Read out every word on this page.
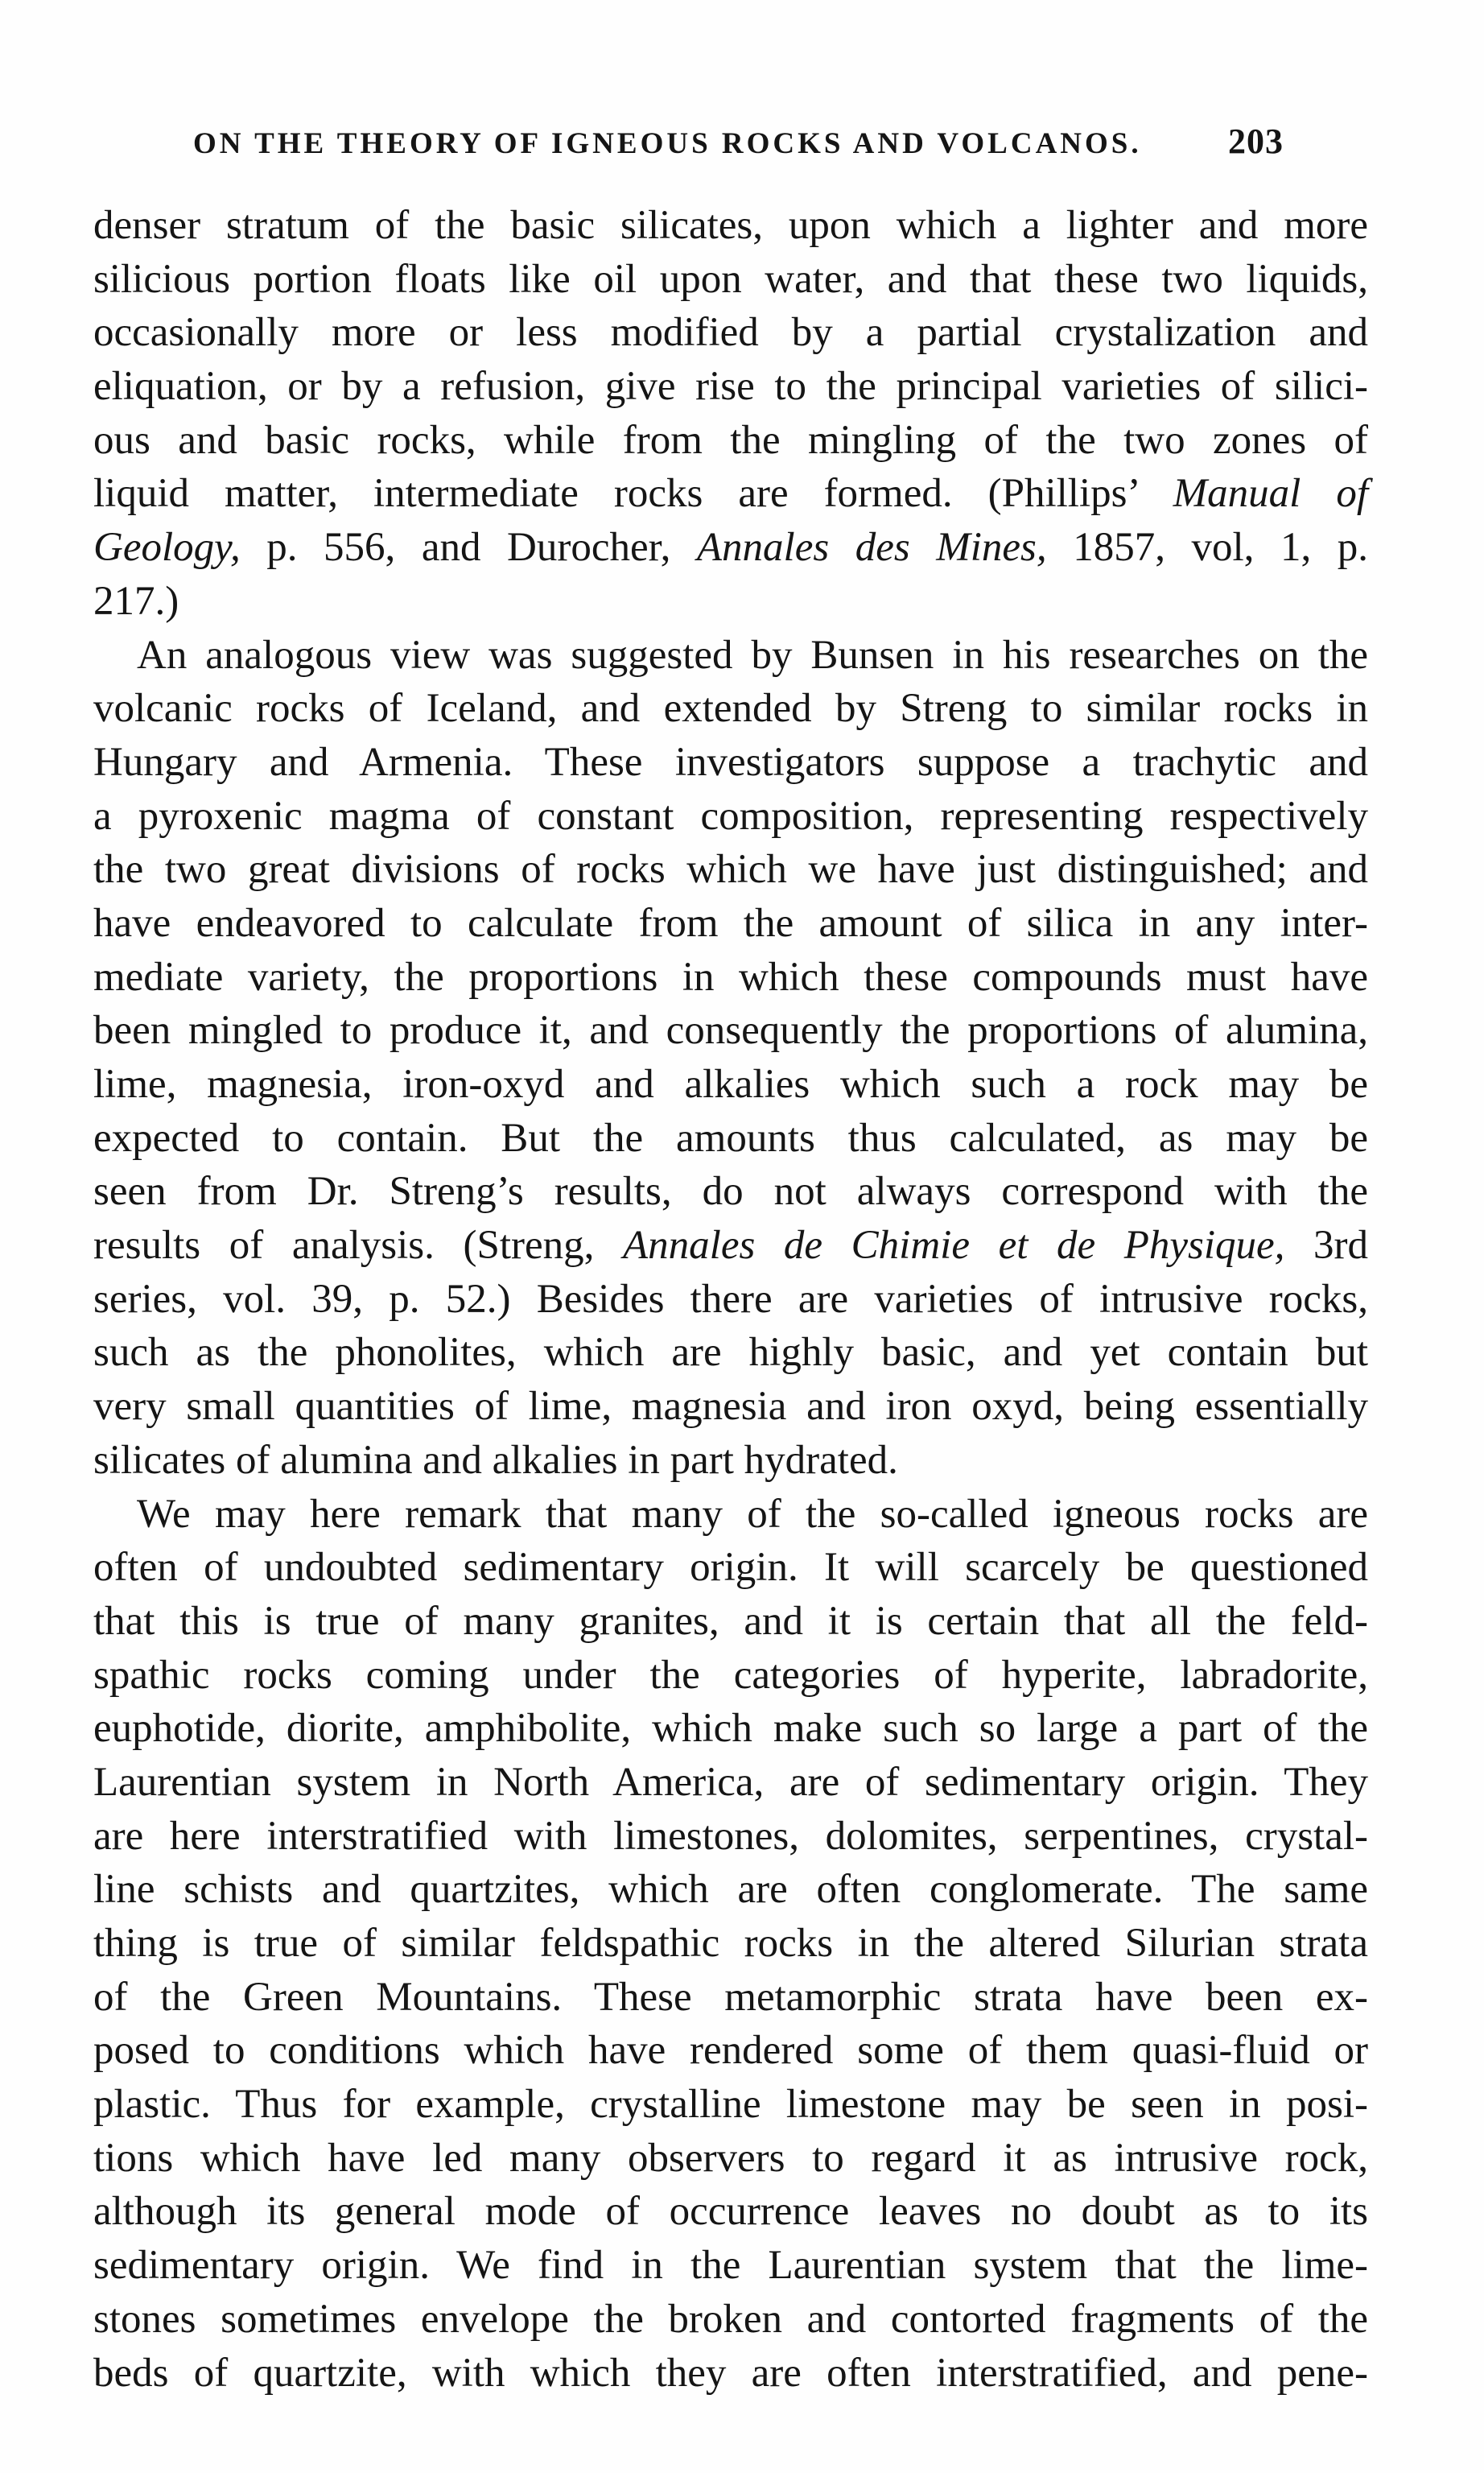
ON THE THEORY OF IGNEOUS ROCKS AND VOLCANOS. 203
denser stratum of the basic silicates, upon which a lighter and more
silicious portion floats like oil upon water, and that these two liquids,
occasionally more or less modified by a partial crystalization and
eliquation, or by a refusion, give rise to the principal varieties of silici-
ous and basic rocks, while from the mingling of the two zones of
liquid matter, intermediate rocks are formed. (Phillips’ Manual of
Geology, p. 556, and Durocher, Annales des Mines, 1857, vol, 1, p.
217.)
An analogous view was suggested by Bunsen in his researches on the
volcanic rocks of Iceland, and extended by Streng to similar rocks in
Hungary and Armenia. These investigators suppose a trachytic and
a pyroxenic magma of constant composition, representing respectively
the two great divisions of rocks which we have just distinguished; and
have endeavored to calculate from the amount of silica in any inter-
mediate variety, the proportions in which these compounds must have
been mingled to produce it, and consequently the proportions of alumina,
lime, magnesia, iron-oxyd and alkalies which such a rock may be
expected to contain. But the amounts thus calculated, as may be
seen from Dr. Streng’s results, do not always correspond with the
results of analysis. (Streng, Annales de Chimie et de Physique, 3rd
series, vol. 39, p. 52.) Besides there are varieties of intrusive rocks,
such as the phonolites, which are highly basic, and yet contain but
very small quantities of lime, magnesia and iron oxyd, being essentially
silicates of alumina and alkalies in part hydrated.
We may here remark that many of the so-called igneous rocks are
often of undoubted sedimentary origin. It will scarcely be questioned
that this is true of many granites, and it is certain that all the feld-
spathic rocks coming under the categories of hyperite, labradorite,
euphotide, diorite, amphibolite, which make such so large a part of the
Laurentian system in North America, are of sedimentary origin. They
are here interstratified with limestones, dolomites, serpentines, crystal-
line schists and quartzites, which are often conglomerate. The same
thing is true of similar feldspathic rocks in the altered Silurian strata
of the Green Mountains. These metamorphic strata have been ex-
posed to conditions which have rendered some of them quasi-fluid or
plastic. Thus for example, crystalline limestone may be seen in posi-
tions which have led many observers to regard it as intrusive rock,
although its general mode of occurrence leaves no doubt as to its
sedimentary origin. We find in the Laurentian system that the lime-
stones sometimes envelope the broken and contorted fragments of the
beds of quartzite, with which they are often interstratified, and pene-
